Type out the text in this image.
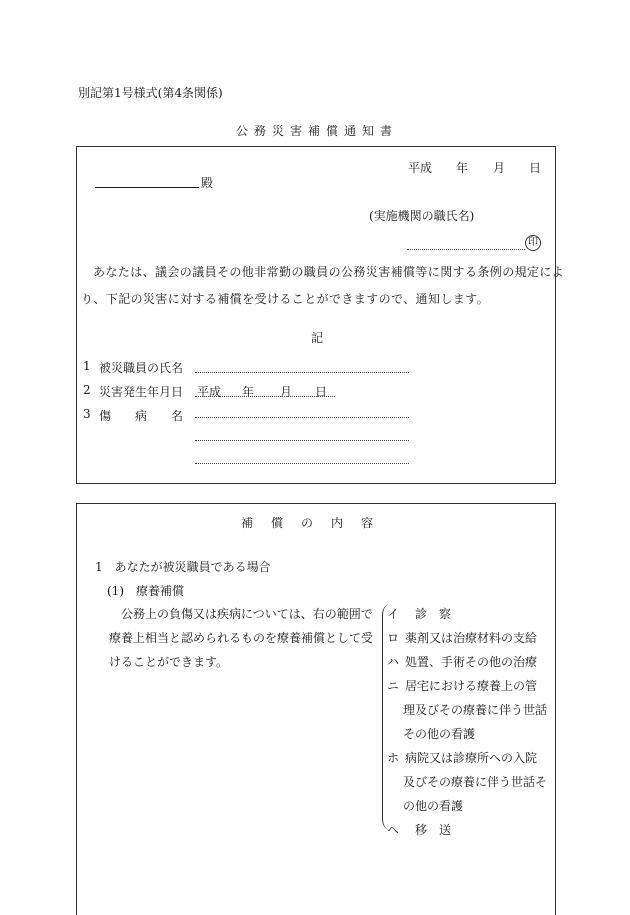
別記第1号様式(第4条関係)
公務災害補償通知書
平成 年 月 日
殿
(実施機関の職氏名)
印
あなたは、議会の議員その他非常勤の職員の公務災害補償等に関する条例の規定によ
り、下記の災害に対する補償を受けることができますので、通知します。
記
1 被災職員の氏名
2 災害発生年月日 平成 年 月 日
3 傷　　病　　名
補償の内容
1　あなたが被災職員である場合
(1)　療養補償
公務上の負傷又は疾病については、右の範囲で
療養上相当と認められるものを療養補償として受
けることができます。
イ 診　察
ロ 薬剤又は治療材料の支給
ハ 処置、手術その他の治療
ニ 居宅における療養上の管
理及びその療養に伴う世話
その他の看護
ホ 病院又は診療所への入院
及びその療養に伴う世話そ
の他の看護
ヘ 移　送
